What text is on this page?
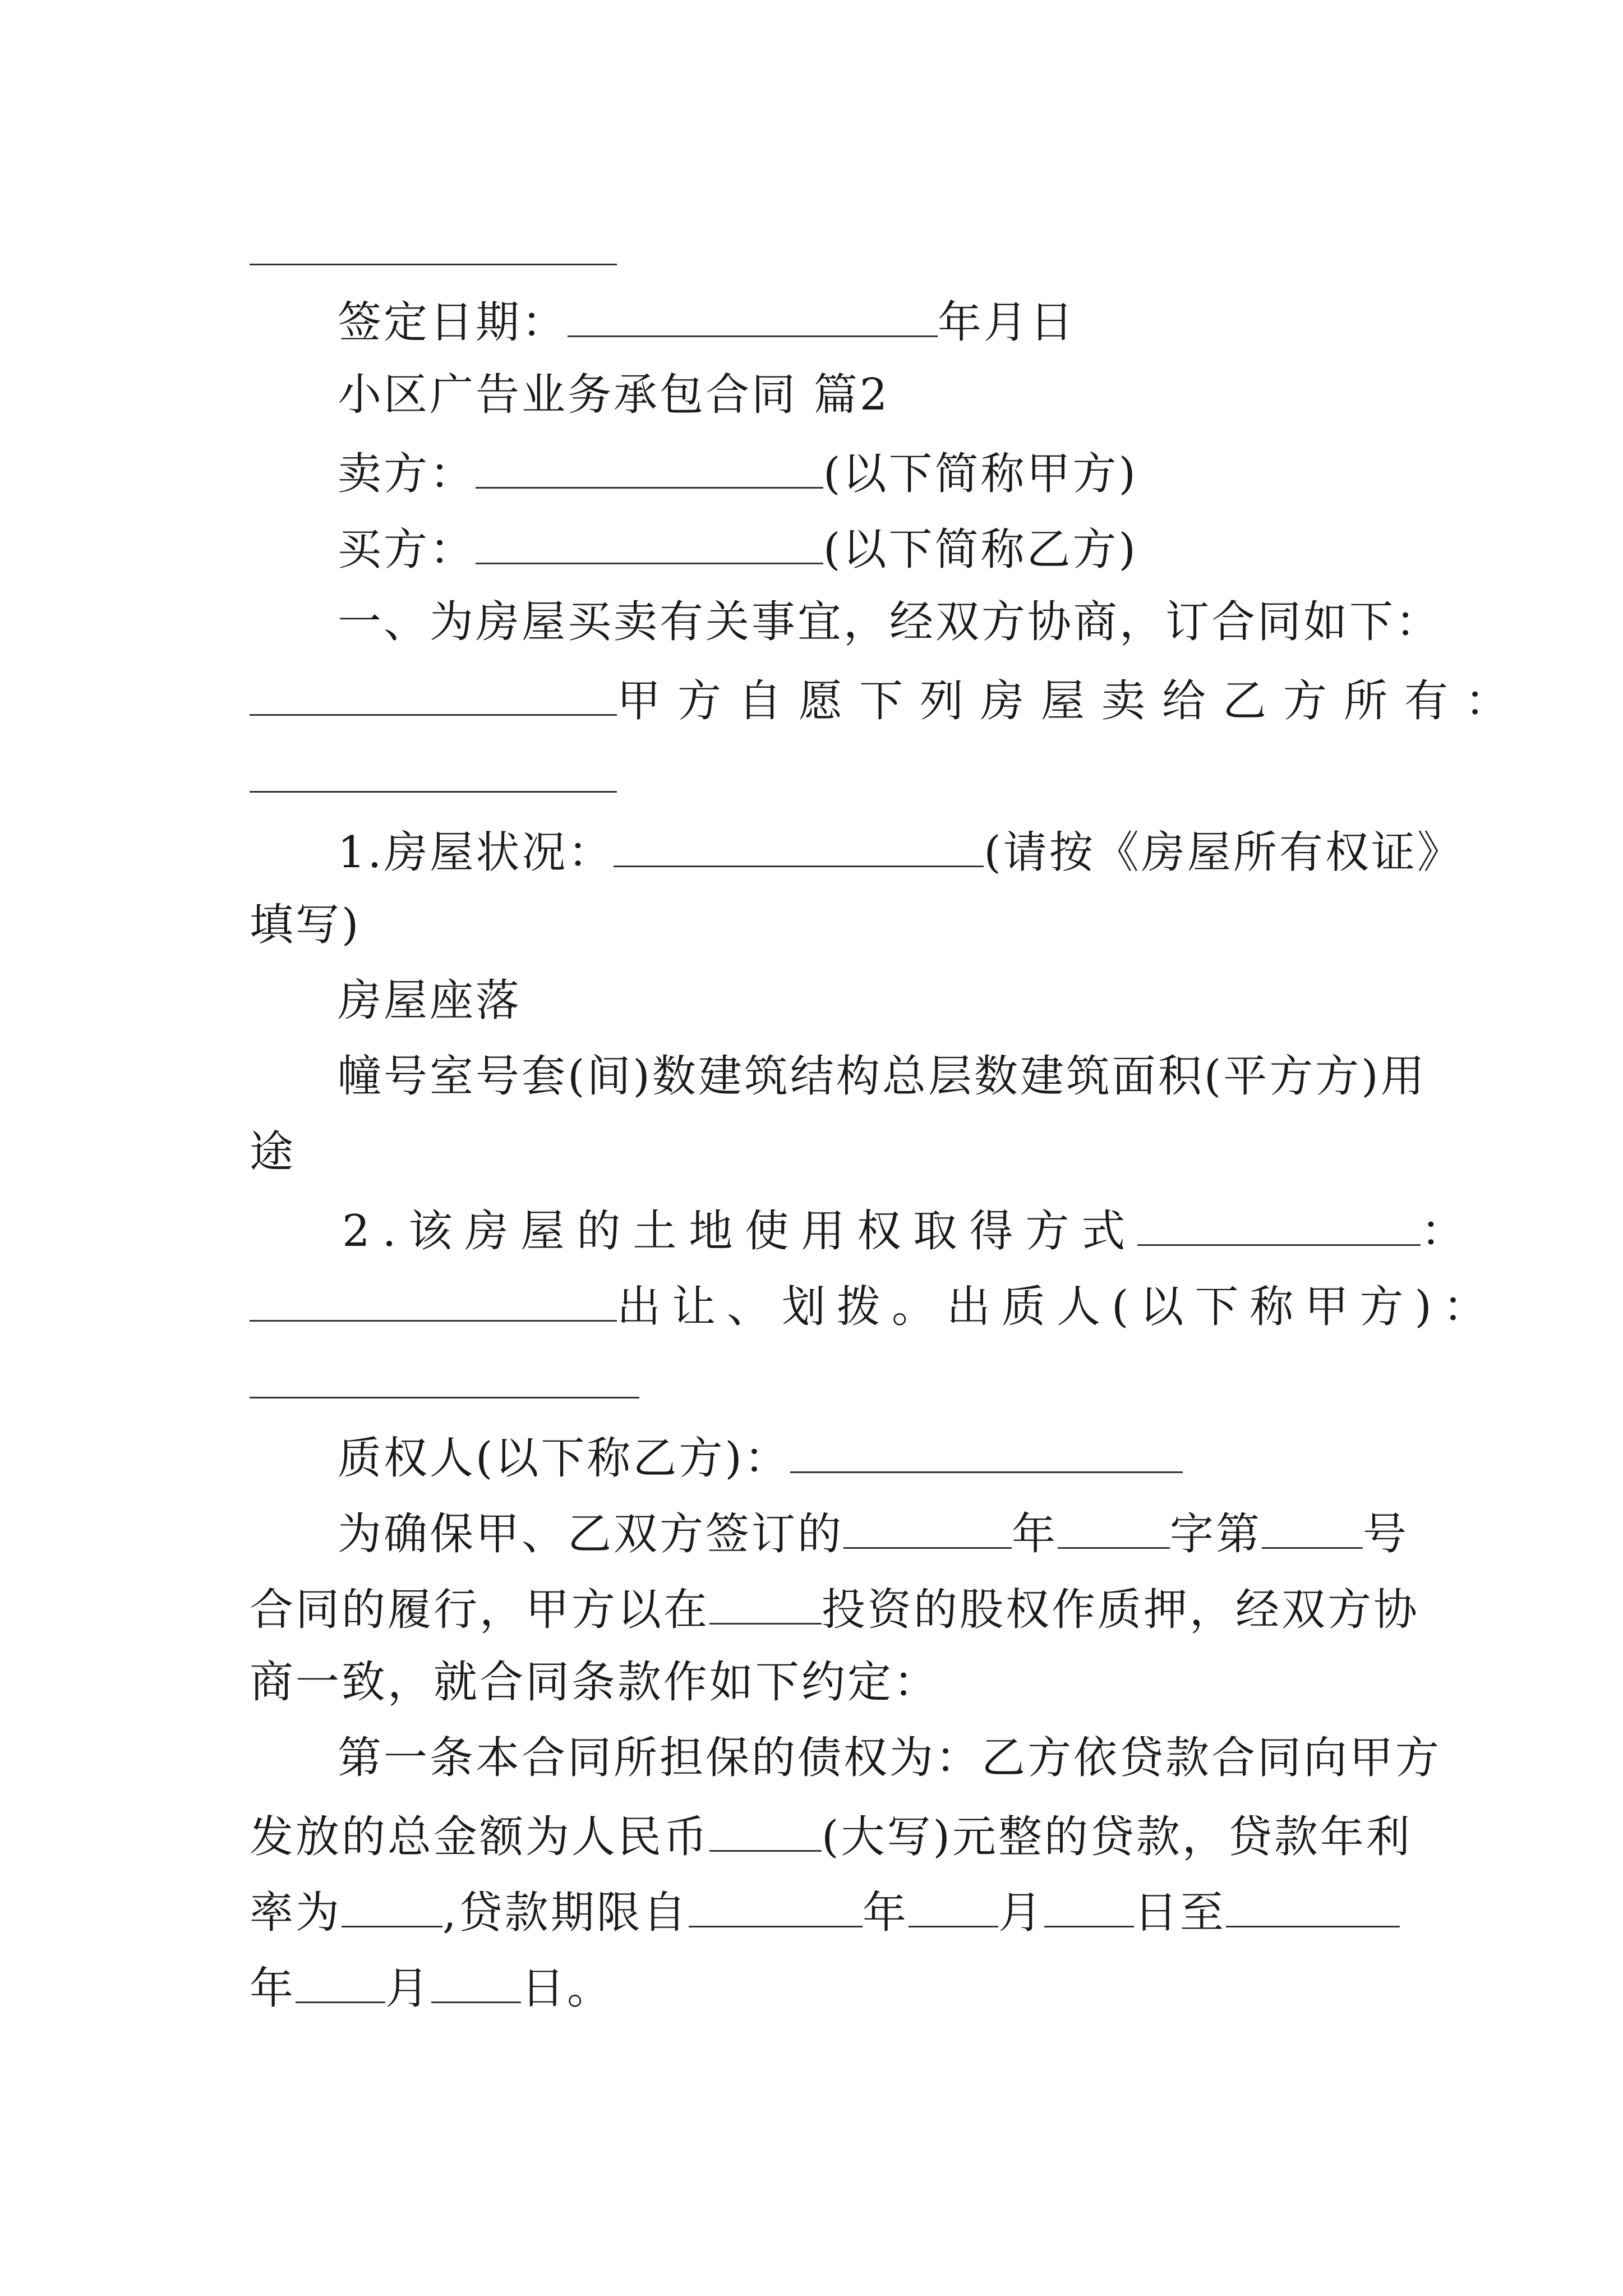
签定日期：	年月日
小区广告业务承包合同 篇2
卖方：	(以下简称甲方)
买方：	(以下简称乙方)
一、为房屋买卖有关事宜，经双方协商，订合同如下：
甲方自愿下列房屋卖给乙方所有：
1.房屋状况：	(请按《房屋所有权证》
填写)
房屋座落
幢号室号套(间)数建筑结构总层数建筑面积(平方方)用
途
2.该房屋的土地使用权取得方式	：
出让、划拨。出质人(以下称甲方)：
质权人(以下称乙方)：
为确保甲、乙双方签订的	年	字第 号
合同的履行，甲方以在	投资的股权作质押，经双方协
商一致，就合同条款作如下约定：
第一条本合同所担保的债权为：乙方依贷款合同向甲方
发放的总金额为人民币	(大写)元整的贷款，贷款年利
率为 ,贷款期限自	年 月 日至
年 月 日。
